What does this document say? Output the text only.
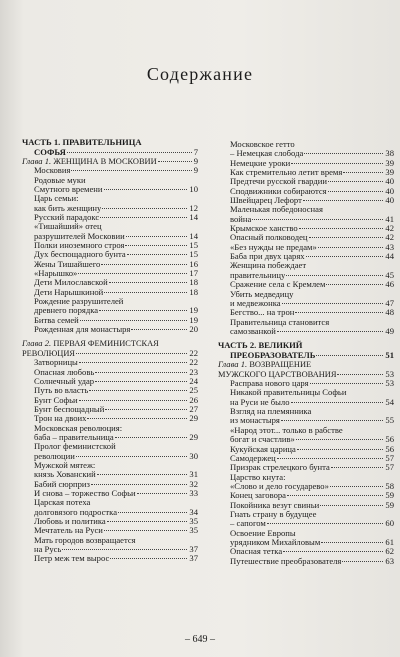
Содержание
ЧАСТЬ 1. ПРАВИТЕЛЬНИЦА
СОФЬЯ	7
Глава 1. ЖЕНЩИНА В МОСКОВИИ	9
Московия	9
Родовые муки
Смутного времени	10
Царь семьи:
как бить женщину	12
Русский парадокс	14
«Тишайший» отец
разрушителей Московии	14
Полки иноземного строя	15
Дух беспощадного бунта	15
Жены Тишайшего	16
«Нарышко»	17
Дети Милославской	18
Дети Нарышкиной	18
Рождение разрушителей
древнего порядка	19
Битва семей	19
Рожденная для монастыря	20
Глава 2. ПЕРВАЯ ФЕМИНИСТСКАЯ
РЕВОЛЮЦИЯ	22
Затворницы	22
Опасная любовь	23
Солнечный удар	24
Путь во власть	25
Бунт Софьи	26
Бунт беспощадный	27
Трон на двоих	29
Московская революция:
баба – правительница	29
Пролог феминистской
революции	30
Мужской мятеж:
князь Хованский	31
Бабий сюрприз	32
И снова – торжество Софьи	33
Царская потеха
долговязого подростка	34
Любовь и политика	35
Мечтатель на Руси	35
Мать городов возвращается
на Русь	37
Петр меж тем вырос	37
Московское гетто
– Немецкая слобода	38
Немецкие уроки	39
Как стремительно летит время	39
Предтечи русской гвардии	40
Сподвижники собираются	40
Швейцарец Лефорт	40
Маленькая победоносная
война	41
Крымское ханство	42
Опасный полководец	42
«Без нужды не предам»	43
Баба при двух царях	44
Женщина побеждает
правительницу	45
Сражение села с Кремлем	46
Убить медведицу
и медвежонка	47
Бегство... на трон	48
Правительница становится
самозванкой	49
ЧАСТЬ 2. ВЕЛИКИЙ
ПРЕОБРАЗОВАТЕЛЬ	51
Глава 1. ВОЗВРАЩЕНИЕ
МУЖСКОГО ЦАРСТВОВАНИЯ	53
Расправа нового царя	53
Никакой правительницы Софьи
на Руси не было	54
Взгляд на племянника
из монастыря	55
«Народ этот... только в рабстве
богат и счастлив»	56
Кукуйская царица	56
Самодержец	57
Призрак стрелецкого бунта	57
Царство кнута:
«Слово и дело государево»	58
Конец заговора	59
Покойника везут свиньи	59
Гнать страну в будущее
– сапогом	60
Освоение Европы
урядником Михайловым	61
Опасная тетка	62
Путешествие преобразователя	63
– 649 –
